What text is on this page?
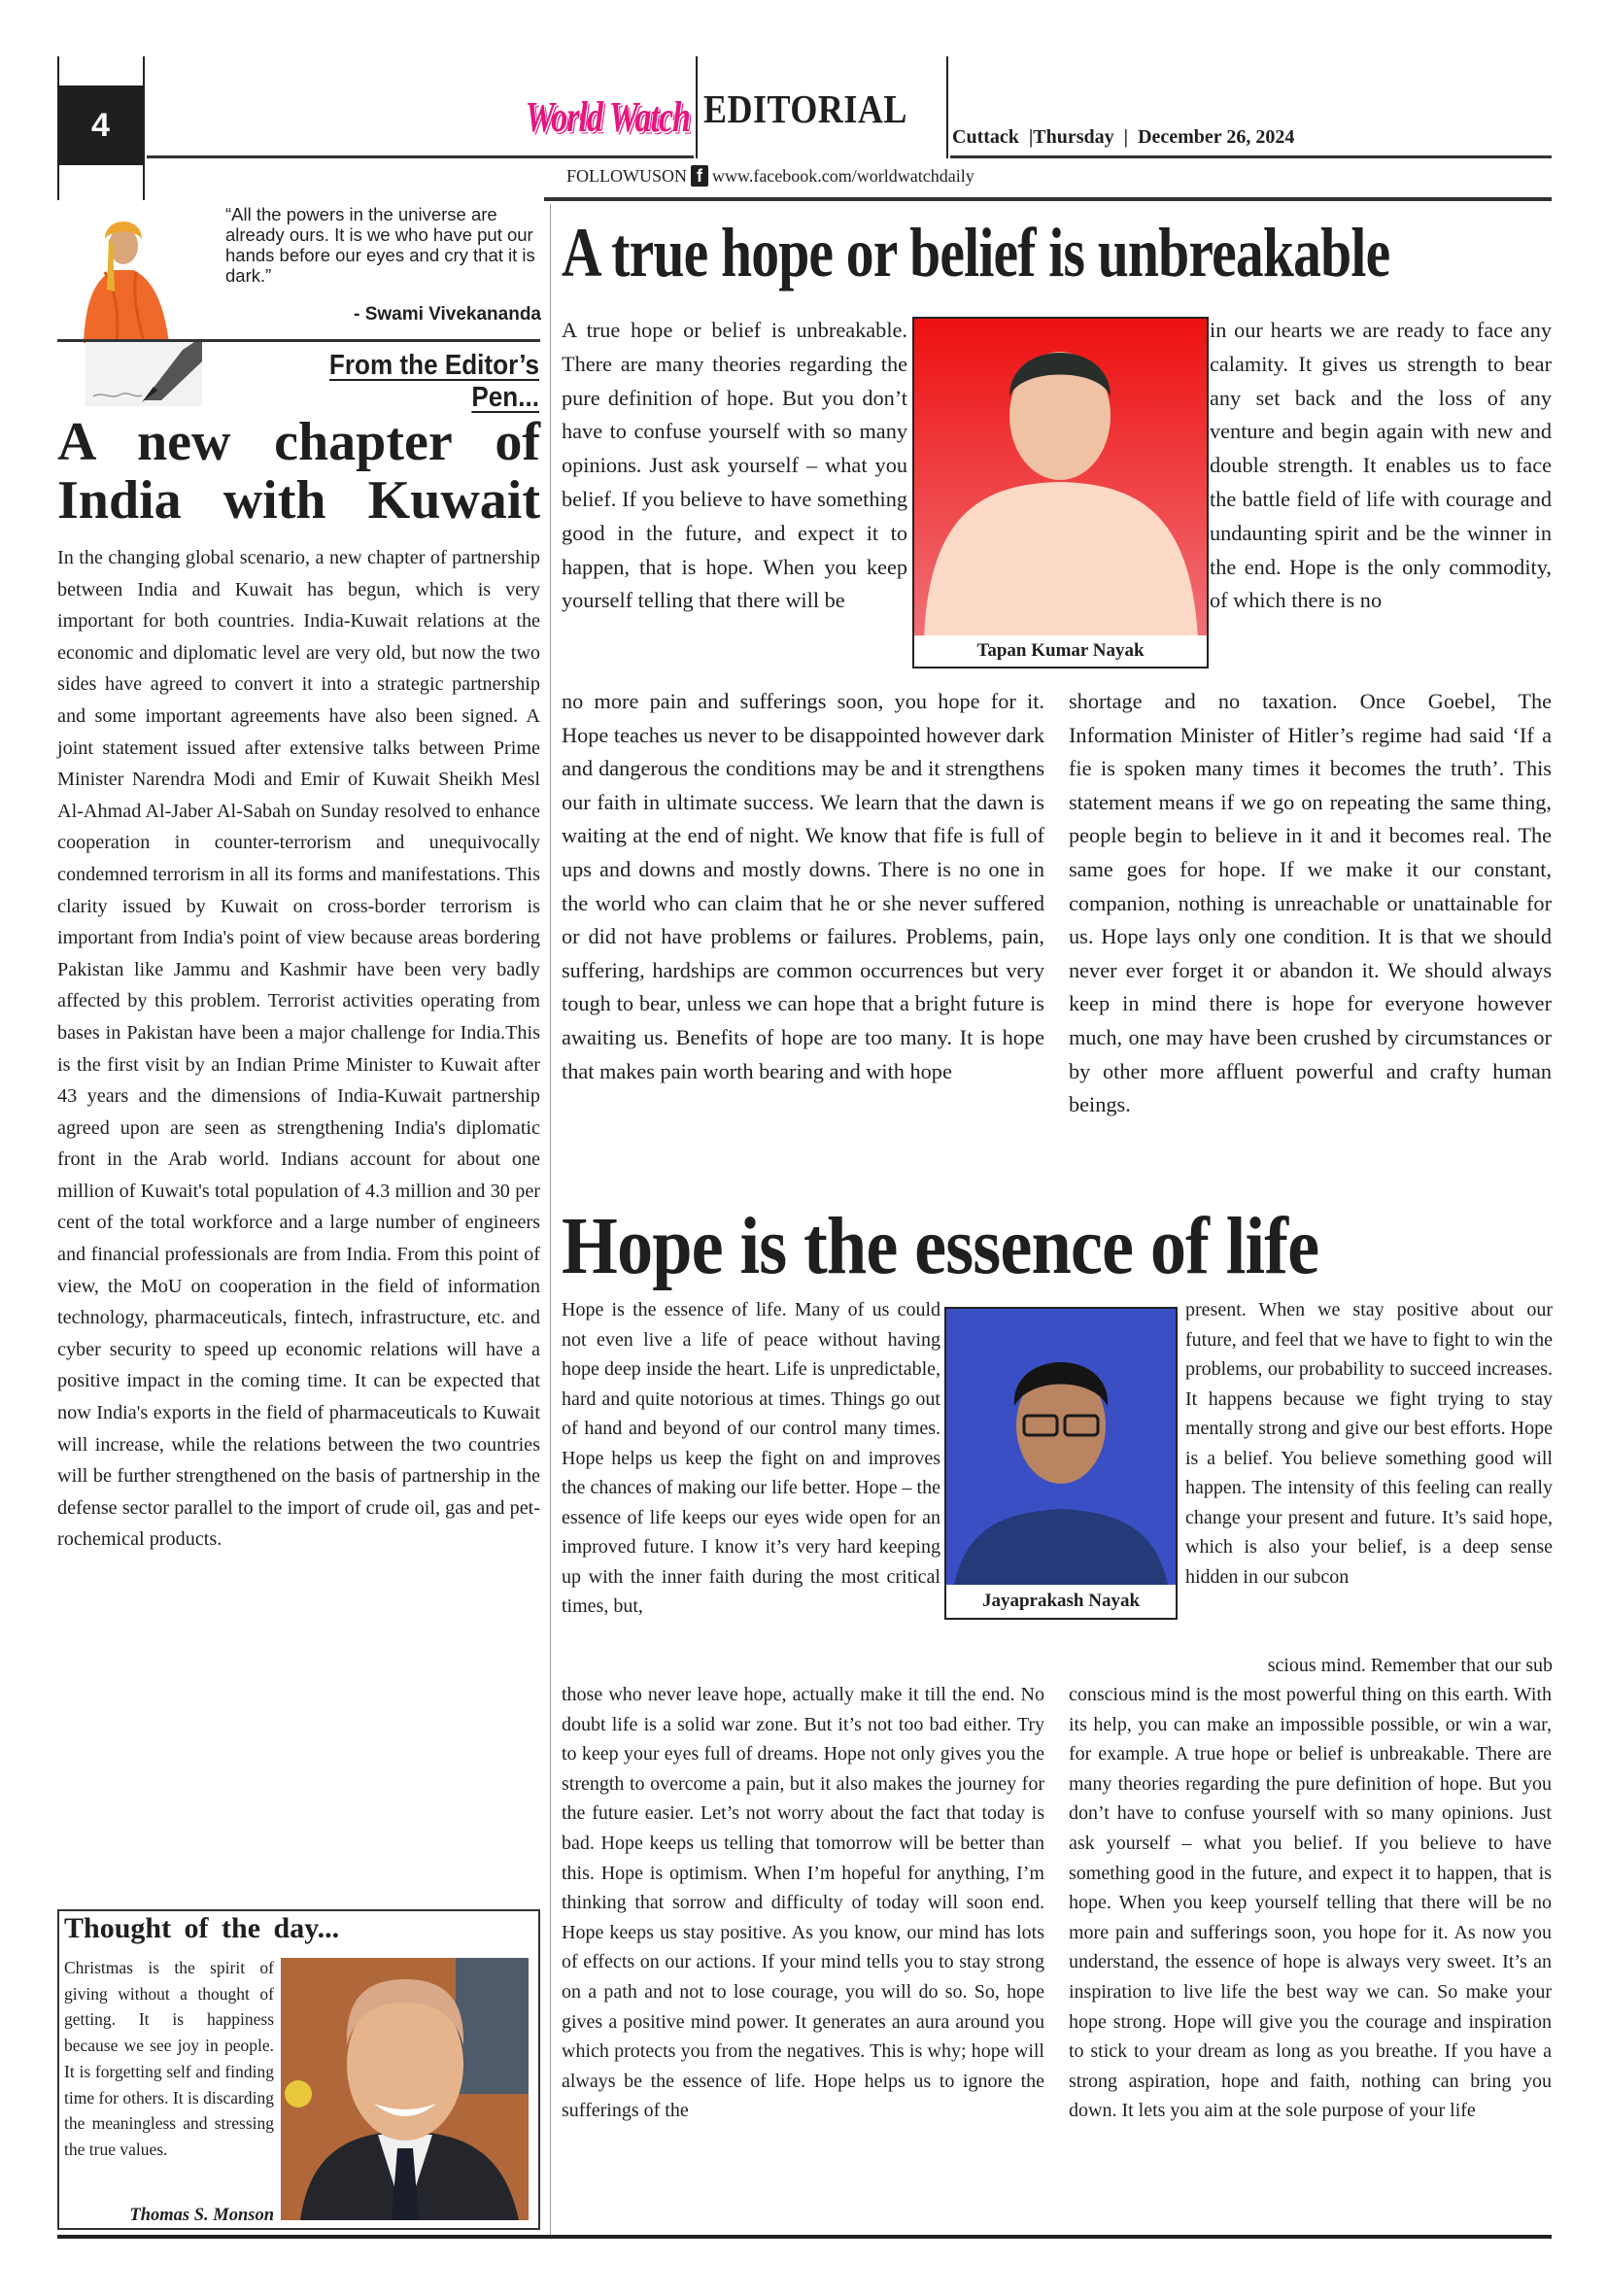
4	World Watch EDITORIAL
Cuttack  |Thursday  |  December 26, 2024
FOLLOWUSON f www.facebook.com/worldwatchdaily
“All the powers in the universe are already ours. It is we who have put our hands before our eyes and cry that it is dark.”
- Swami Vivekananda
From the Editor’s Pen...
A new chapter of India with Kuwait
In the changing global scenario, a new chapter of partnership between India and Kuwait has begun, which is very important for both countries. India-Kuwait relations at the economic and diplomatic level are very old, but now the two sides have agreed to convert it into a strategic partnership and some important agreements have also been signed. A joint statement issued after extensive talks between Prime Minister Narendra Modi and Emir of Kuwait Sheikh Mesl Al-Ahmad Al-Jaber Al-Sabah on Sunday resolved to enhance cooperation in counter-terrorism and unequivocally condemned terrorism in all its forms and manifestations. This clarity issued by Kuwait on cross-border terrorism is important from India's point of view because areas bordering Pakistan like Jammu and Kashmir have been very badly affected by this problem. Terrorist activities operating from bases in Pakistan have been a major challenge for India.This is the first visit by an Indian Prime Minister to Kuwait after 43 years and the dimensions of India-Kuwait partnership agreed upon are seen as strengthening India's diplomatic front in the Arab world. Indians account for about one million of Kuwait's total population of 4.3 million and 30 per cent of the total workforce and a large number of engineers and financial professionals are from India. From this point of view, the MoU on cooperation in the field of information technology, pharmaceuticals, fintech, infrastructure, etc. and cyber security to speed up economic relations will have a positive impact in the coming time. It can be expected that now India's exports in the field of pharmaceuticals to Kuwait will increase, while the relations between the two countries will be further strengthened on the basis of partnership in the defense sector parallel to the import of crude oil, gas and petrochemical products.
Thought of the day...
Christmas is the spirit of giving without a thought of getting. It is happiness because we see joy in people. It is forgetting self and finding time for others. It is discarding the meaningless and stressing the true values.
Thomas S. Monson
A true hope or belief is unbreakable
A true hope or belief is unbreakable. There are many theories regarding the pure definition of hope. But you don’t have to confuse yourself with so many opinions. Just ask yourself – what you belief. If you believe to have something good in the future, and expect it to happen, that is hope. When you keep yourself telling that there will be
Tapan Kumar Nayak
in our hearts we are ready to face any calamity. It gives us strength to bear any set back and the loss of any venture and begin again with new and double strength. It enables us to face the battle field of life with courage and undaunting spirit and be the winner in the end. Hope is the only commodity, of which there is no
no more pain and sufferings soon, you hope for it. Hope teaches us never to be disappointed however dark and dangerous the conditions may be and it strengthens our faith in ultimate success. We learn that the dawn is waiting at the end of night. We know that fife is full of ups and downs and mostly downs. There is no one in the world who can claim that he or she never suffered or did not have problems or failures. Problems, pain, suffering, hardships are common occurrences but very tough to bear, unless we can hope that a bright future is awaiting us. Benefits of hope are too many. It is hope that makes pain worth bearing and with hope
shortage and no taxation. Once Goebel, The Information Minister of Hitler’s regime had said ‘If a fie is spoken many times it becomes the truth’. This statement means if we go on repeating the same thing, people begin to believe in it and it becomes real. The same goes for hope. If we make it our constant, companion, nothing is unreachable or unattainable for us. Hope lays only one condition. It is that we should never ever forget it or abandon it. We should always keep in mind there is hope for everyone however much, one may have been crushed by circumstances or by other more affluent powerful and crafty human beings.
Hope is the essence of life
Hope is the essence of life. Many of us could not even live a life of peace without having hope deep inside the heart. Life is unpredictable, hard and quite notorious at times. Things go out of hand and beyond of our control many times. Hope helps us keep the fight on and improves the chances of making our life better. Hope – the essence of life keeps our eyes wide open for an improved future. I know it’s very hard keeping up with the inner faith during the most critical times, but,	Jayaprakash Nayak
present. When we stay positive about our future, and feel that we have to fight to win the problems, our probability to succeed increases. It happens because we fight trying to stay mentally strong and give our best efforts. Hope is a belief. You believe something good will happen. The intensity of this feeling can really change your present and future. It’s said hope, which is also your belief, is a deep sense hidden in our subcon
scious mind. Remember that our sub
those who never leave hope, actually make it till the end. No doubt life is a solid war zone. But it’s not too bad either. Try to keep your eyes full of dreams. Hope not only gives you the strength to overcome a pain, but it also makes the journey for the future easier. Let’s not worry about the fact that today is bad. Hope keeps us telling that tomorrow will be better than this. Hope is optimism. When I’m hopeful for anything, I’m thinking that sorrow and difficulty of today will soon end. Hope keeps us stay positive. As you know, our mind has lots of effects on our actions. If your mind tells you to stay strong on a path and not to lose courage, you will do so. So, hope gives a positive mind power. It generates an aura around you which protects you from the negatives. This is why; hope will always be the essence of life. Hope helps us to ignore the sufferings of the
conscious mind is the most powerful thing on this earth. With its help, you can make an impossible possible, or win a war, for example. A true hope or belief is unbreakable. There are many theories regarding the pure definition of hope. But you don’t have to confuse yourself with so many opinions. Just ask yourself – what you belief. If you believe to have something good in the future, and expect it to happen, that is hope. When you keep yourself telling that there will be no more pain and sufferings soon, you hope for it. As now you understand, the essence of hope is always very sweet. It’s an inspiration to live life the best way we can. So make your hope strong. Hope will give you the courage and inspiration to stick to your dream as long as you breathe. If you have a strong aspiration, hope and faith, nothing can bring you down. It lets you aim at the sole purpose of your life
